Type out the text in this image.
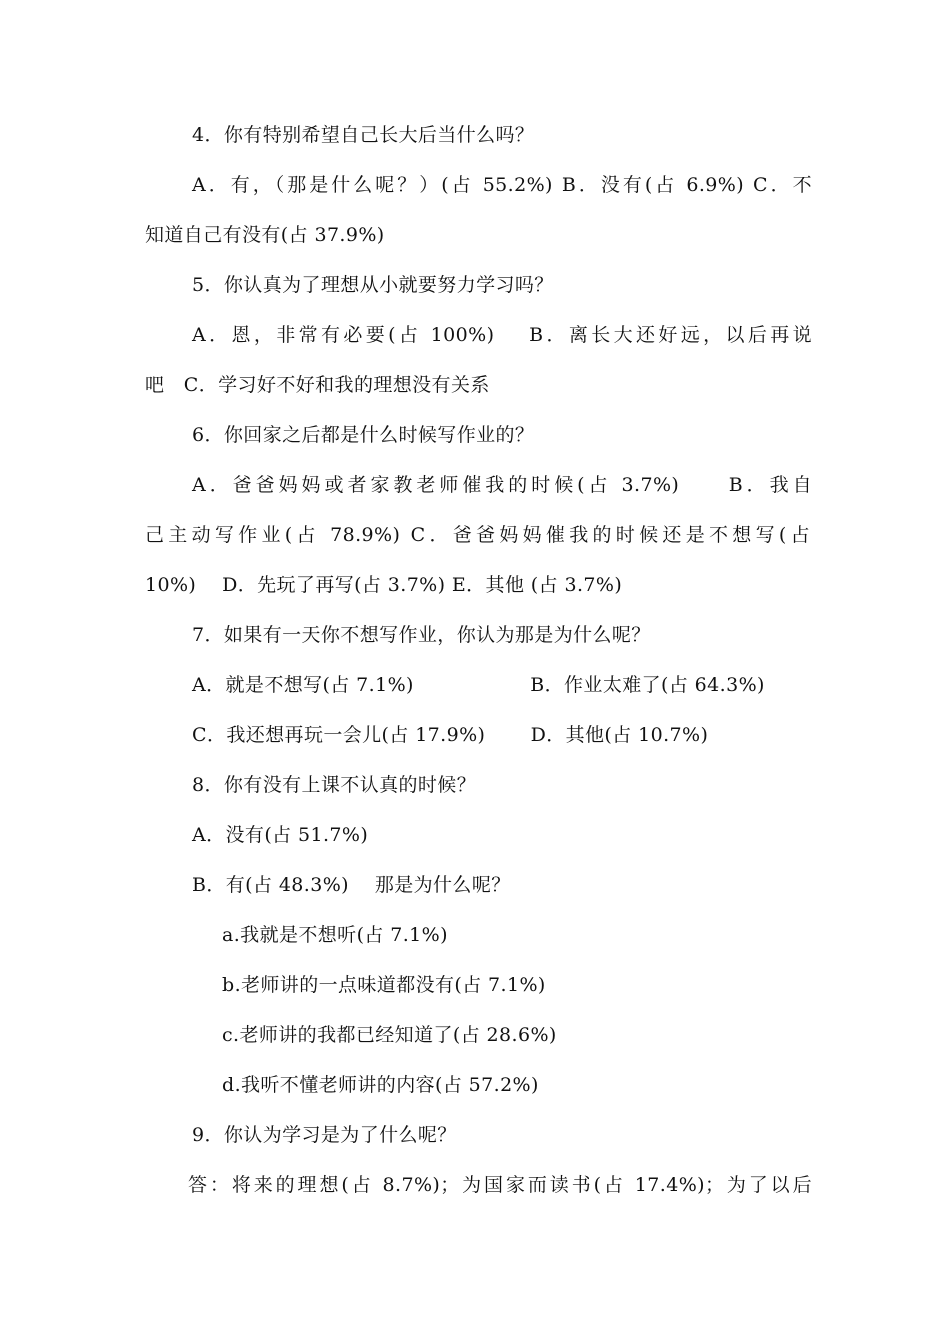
4．你有特别希望自己长大后当什么吗？
A．有，（那是什么呢？）(占 55.2%) B．没有(占 6.9%) C．不
知道自己有没有(占 37.9%)
5．你认真为了理想从小就要努力学习吗？
A．恩，非常有必要(占 100%)　 B．离长大还好远，以后再说
吧　C．学习好不好和我的理想没有关系
6．你回家之后都是什么时候写作业的？
A．爸爸妈妈或者家教老师催我的时候(占 3.7%)　　B．我自
己主动写作业(占 78.9%) C．爸爸妈妈催我的时候还是不想写(占
10%)　 D．先玩了再写(占 3.7%) E．其他 (占 3.7%)
7．如果有一天你不想写作业，你认为那是为什么呢？
A．就是不想写(占 7.1%)　　　　　　B．作业太难了(占 64.3%)
C．我还想再玩一会儿(占 17.9%)　　 D．其他(占 10.7%)
8．你有没有上课不认真的时候？
A．没有(占 51.7%)
B．有(占 48.3%)　 那是为什么呢？
a.我就是不想听(占 7.1%)
b.老师讲的一点味道都没有(占 7.1%)
c.老师讲的我都已经知道了(占 28.6%)
d.我听不懂老师讲的内容(占 57.2%)
9．你认为学习是为了什么呢？
答：将来的理想(占 8.7%)；为国家而读书(占 17.4%)；为了以后
